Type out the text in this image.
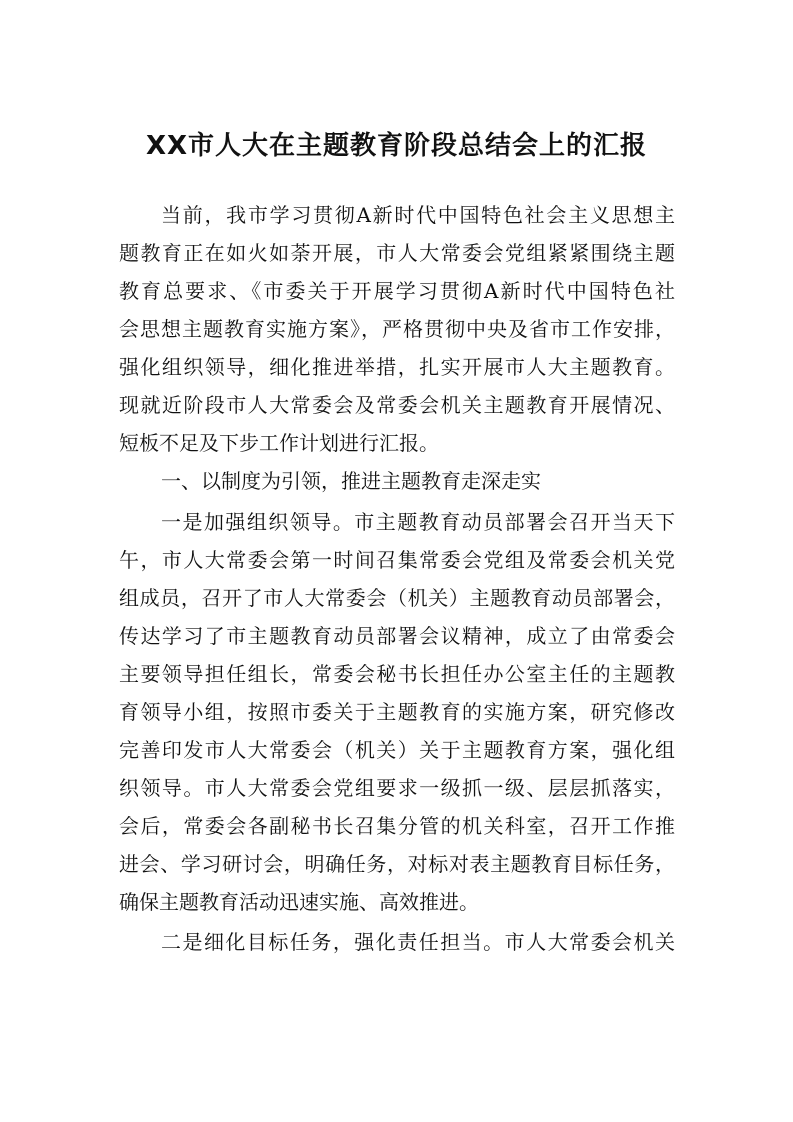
XX市人大在主题教育阶段总结会上的汇报
当前，我市学习贯彻A新时代中国特色社会主义思想主
题教育正在如火如荼开展，市人大常委会党组紧紧围绕主题
教育总要求、《市委关于开展学习贯彻A新时代中国特色社
会思想主题教育实施方案》，严格贯彻中央及省市工作安排，
强化组织领导，细化推进举措，扎实开展市人大主题教育。
现就近阶段市人大常委会及常委会机关主题教育开展情况、
短板不足及下步工作计划进行汇报。
一、以制度为引领，推进主题教育走深走实
一是加强组织领导。市主题教育动员部署会召开当天下
午，市人大常委会第一时间召集常委会党组及常委会机关党
组成员，召开了市人大常委会（机关）主题教育动员部署会，
传达学习了市主题教育动员部署会议精神，成立了由常委会
主要领导担任组长，常委会秘书长担任办公室主任的主题教
育领导小组，按照市委关于主题教育的实施方案，研究修改
完善印发市人大常委会（机关）关于主题教育方案，强化组
织领导。市人大常委会党组要求一级抓一级、层层抓落实，
会后，常委会各副秘书长召集分管的机关科室，召开工作推
进会、学习研讨会，明确任务，对标对表主题教育目标任务，
确保主题教育活动迅速实施、高效推进。
二是细化目标任务，强化责任担当。市人大常委会机关
